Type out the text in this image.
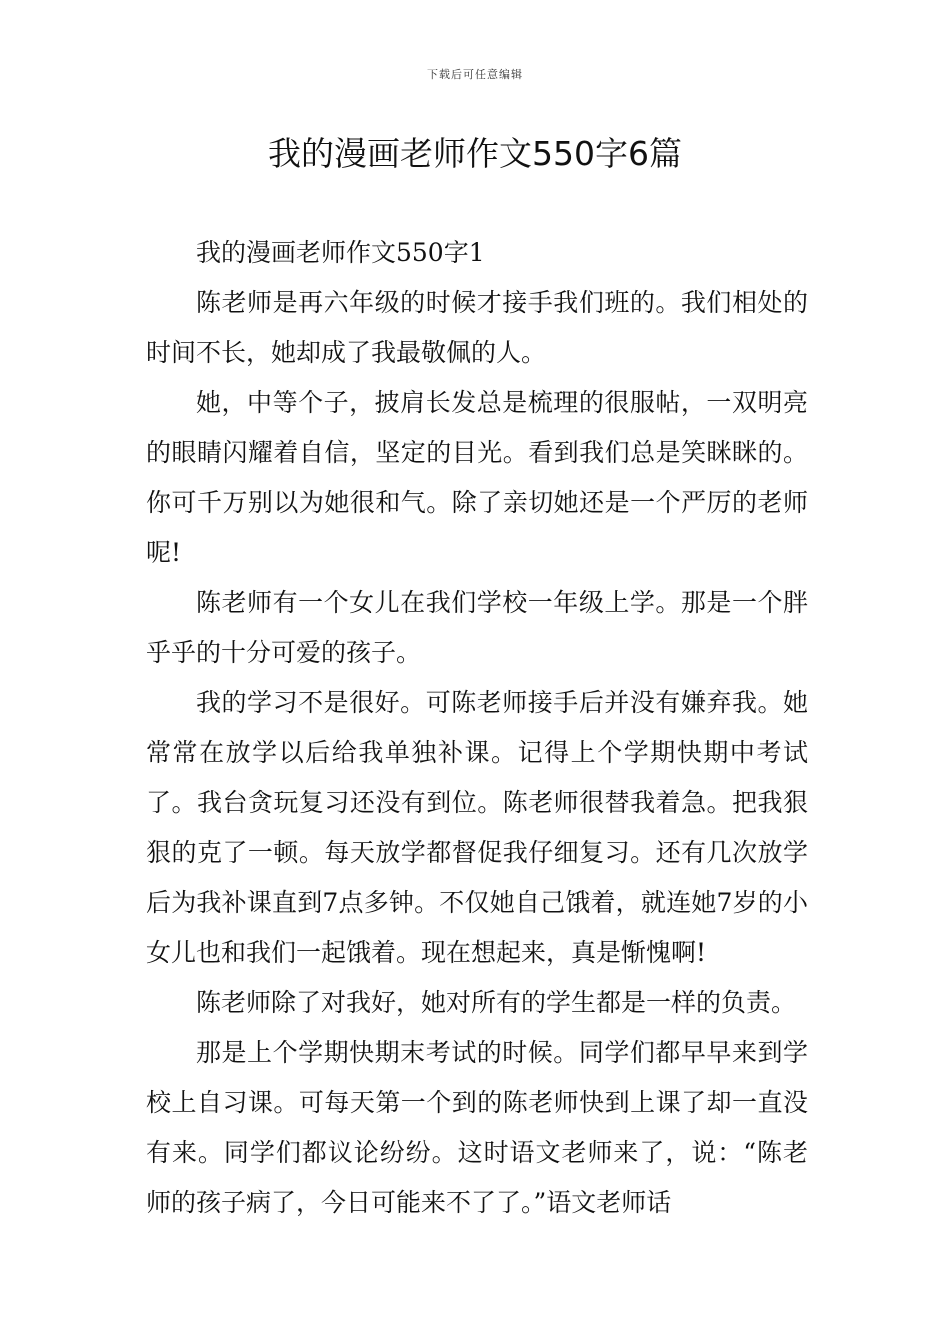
下载后可任意编辑
我的漫画老师作文550字6篇

我的漫画老师作文550字1

陈老师是再六年级的时候才接手我们班的。我们相处的时间不长，她却成了我最敬佩的人。

她，中等个子，披肩长发总是梳理的很服帖，一双明亮的眼睛闪耀着自信，坚定的目光。看到我们总是笑眯眯的。你可千万别以为她很和气。除了亲切她还是一个严厉的老师呢!

陈老师有一个女儿在我们学校一年级上学。那是一个胖乎乎的十分可爱的孩子。

我的学习不是很好。可陈老师接手后并没有嫌弃我。她常常在放学以后给我单独补课。记得上个学期快期中考试了。我台贪玩复习还没有到位。陈老师很替我着急。把我狠狠的克了一顿。每天放学都督促我仔细复习。还有几次放学后为我补课直到7点多钟。不仅她自己饿着，就连她7岁的小女儿也和我们一起饿着。现在想起来，真是惭愧啊!

陈老师除了对我好，她对所有的学生都是一样的负责。

那是上个学期快期末考试的时候。同学们都早早来到学校上自习课。可每天第一个到的陈老师快到上课了却一直没有来。同学们都议论纷纷。这时语文老师来了，说：“陈老师的孩子病了，今日可能来不了了。”语文老师话
